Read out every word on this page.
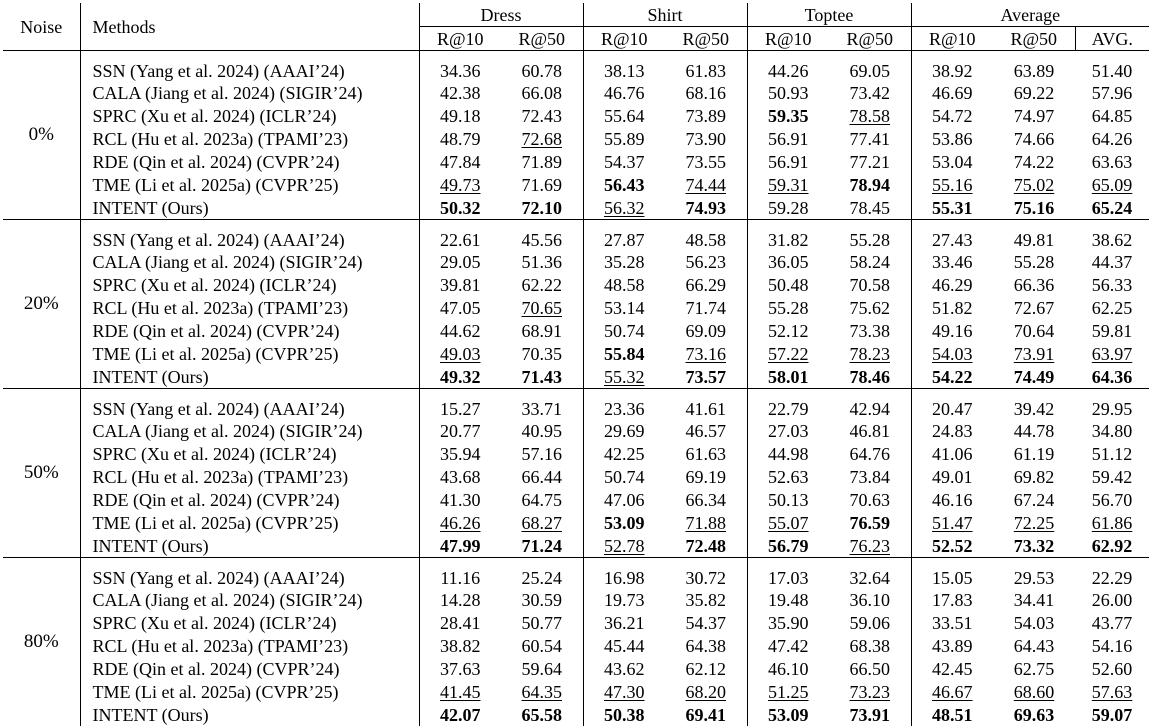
Noise	Methods	Dress		Shirt		Toptee		Average		
		R@10	R@50	R@10	R@50	R@10	R@50	R@10	R@50	AVG.
0%	SSN (Yang et al. 2024) (AAAI’24)	34.36	60.78	38.13	61.83	44.26	69.05	38.92	63.89	51.40
	CALA (Jiang et al. 2024) (SIGIR’24)	42.38	66.08	46.76	68.16	50.93	73.42	46.69	69.22	57.96
	SPRC (Xu et al. 2024) (ICLR’24)	49.18	72.43	55.64	73.89	59.35	78.58	54.72	74.97	64.85
	RCL (Hu et al. 2023a) (TPAMI’23)	48.79	72.68	55.89	73.90	56.91	77.41	53.86	74.66	64.26
	RDE (Qin et al. 2024) (CVPR’24)	47.84	71.89	54.37	73.55	56.91	77.21	53.04	74.22	63.63
	TME (Li et al. 2025a) (CVPR’25)	49.73	71.69	56.43	74.44	59.31	78.94	55.16	75.02	65.09
	INTENT (Ours)	50.32	72.10	56.32	74.93	59.28	78.45	55.31	75.16	65.24
20%	SSN (Yang et al. 2024) (AAAI’24)	22.61	45.56	27.87	48.58	31.82	55.28	27.43	49.81	38.62
	CALA (Jiang et al. 2024) (SIGIR’24)	29.05	51.36	35.28	56.23	36.05	58.24	33.46	55.28	44.37
	SPRC (Xu et al. 2024) (ICLR’24)	39.81	62.22	48.58	66.29	50.48	70.58	46.29	66.36	56.33
	RCL (Hu et al. 2023a) (TPAMI’23)	47.05	70.65	53.14	71.74	55.28	75.62	51.82	72.67	62.25
	RDE (Qin et al. 2024) (CVPR’24)	44.62	68.91	50.74	69.09	52.12	73.38	49.16	70.64	59.81
	TME (Li et al. 2025a) (CVPR’25)	49.03	70.35	55.84	73.16	57.22	78.23	54.03	73.91	63.97
	INTENT (Ours)	49.32	71.43	55.32	73.57	58.01	78.46	54.22	74.49	64.36
50%	SSN (Yang et al. 2024) (AAAI’24)	15.27	33.71	23.36	41.61	22.79	42.94	20.47	39.42	29.95
	CALA (Jiang et al. 2024) (SIGIR’24)	20.77	40.95	29.69	46.57	27.03	46.81	24.83	44.78	34.80
	SPRC (Xu et al. 2024) (ICLR’24)	35.94	57.16	42.25	61.63	44.98	64.76	41.06	61.19	51.12
	RCL (Hu et al. 2023a) (TPAMI’23)	43.68	66.44	50.74	69.19	52.63	73.84	49.01	69.82	59.42
	RDE (Qin et al. 2024) (CVPR’24)	41.30	64.75	47.06	66.34	50.13	70.63	46.16	67.24	56.70
	TME (Li et al. 2025a) (CVPR’25)	46.26	68.27	53.09	71.88	55.07	76.59	51.47	72.25	61.86
	INTENT (Ours)	47.99	71.24	52.78	72.48	56.79	76.23	52.52	73.32	62.92
80%	SSN (Yang et al. 2024) (AAAI’24)	11.16	25.24	16.98	30.72	17.03	32.64	15.05	29.53	22.29
	CALA (Jiang et al. 2024) (SIGIR’24)	14.28	30.59	19.73	35.82	19.48	36.10	17.83	34.41	26.00
	SPRC (Xu et al. 2024) (ICLR’24)	28.41	50.77	36.21	54.37	35.90	59.06	33.51	54.03	43.77
	RCL (Hu et al. 2023a) (TPAMI’23)	38.82	60.54	45.44	64.38	47.42	68.38	43.89	64.43	54.16
	RDE (Qin et al. 2024) (CVPR’24)	37.63	59.64	43.62	62.12	46.10	66.50	42.45	62.75	52.60
	TME (Li et al. 2025a) (CVPR’25)	41.45	64.35	47.30	68.20	51.25	73.23	46.67	68.60	57.63
	INTENT (Ours)	42.07	65.58	50.38	69.41	53.09	73.91	48.51	69.63	59.07
